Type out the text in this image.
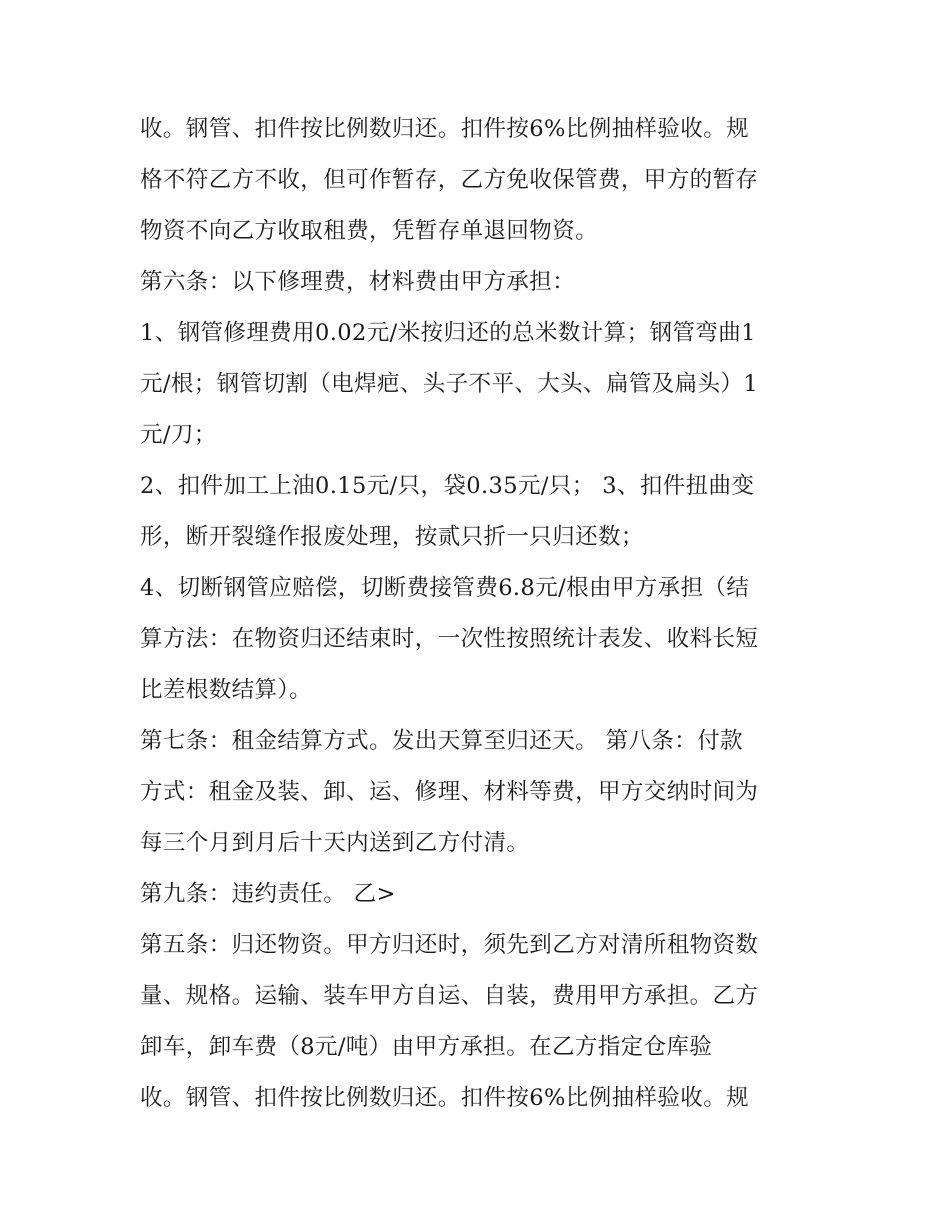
收。钢管、扣件按比例数归还。扣件按6%比例抽样验收。规
格不符乙方不收，但可作暂存，乙方免收保管费，甲方的暂存
物资不向乙方收取租费，凭暂存单退回物资。
第六条：以下修理费，材料费由甲方承担：
1、钢管修理费用0.02元/米按归还的总米数计算；钢管弯曲1
元/根；钢管切割（电焊疤、头子不平、大头、扁管及扁头）1
元/刀；
2、扣件加工上油0.15元/只，袋0.35元/只； 3、扣件扭曲变
形，断开裂缝作报废处理，按贰只折一只归还数；
4、切断钢管应赔偿，切断费接管费6.8元/根由甲方承担（结
算方法：在物资归还结束时，一次性按照统计表发、收料长短
比差根数结算）。
第七条：租金结算方式。发出天算至归还天。 第八条：付款
方式：租金及装、卸、运、修理、材料等费，甲方交纳时间为
每三个月到月后十天内送到乙方付清。
第九条：违约责任。 乙>
第五条：归还物资。甲方归还时，须先到乙方对清所租物资数
量、规格。运输、装车甲方自运、自装，费用甲方承担。乙方
卸车，卸车费（8元/吨）由甲方承担。在乙方指定仓库验
收。钢管、扣件按比例数归还。扣件按6%比例抽样验收。规
